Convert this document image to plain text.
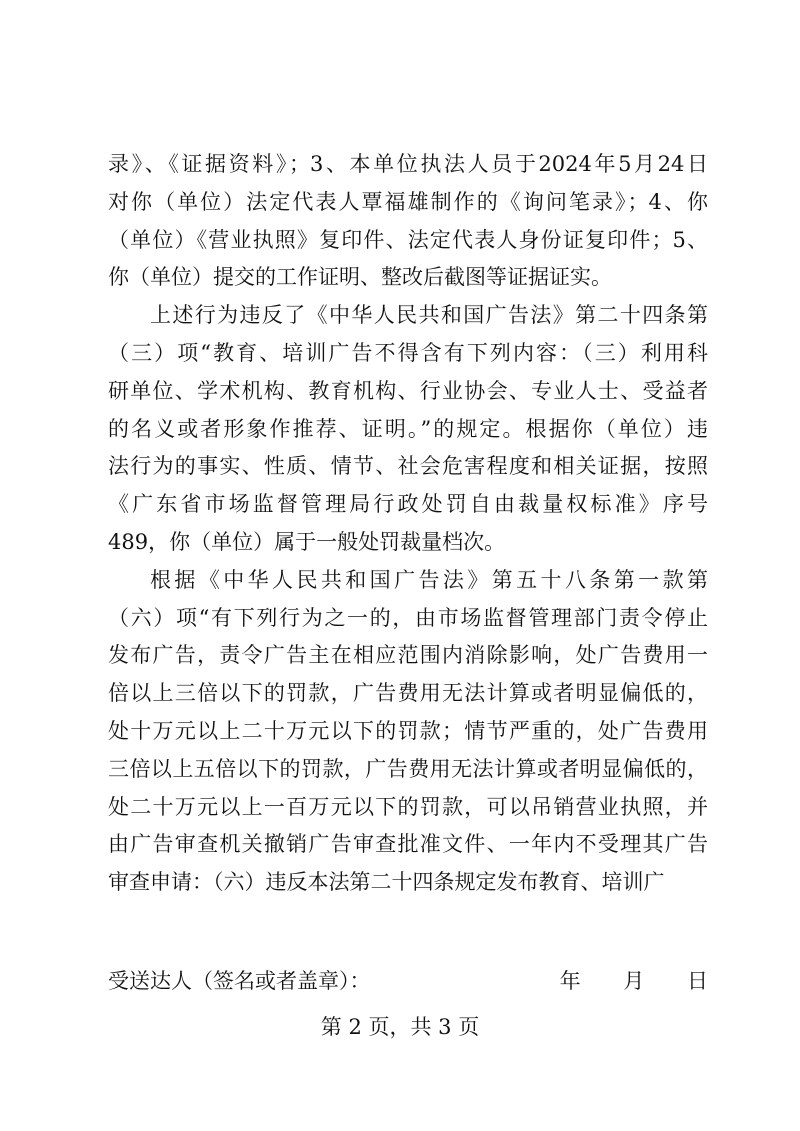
录》、《证据资料》；3、本单位执法人员于2024年5月24日
对你（单位）法定代表人覃福雄制作的《询问笔录》；4、你
（单位）《营业执照》复印件、法定代表人身份证复印件；5、
你（单位）提交的工作证明、整改后截图等证据证实。
上述行为违反了《中华人民共和国广告法》第二十四条第
（三）项“教育、培训广告不得含有下列内容：（三）利用科
研单位、学术机构、教育机构、行业协会、专业人士、受益者
的名义或者形象作推荐、证明。”的规定。根据你（单位）违
法行为的事实、性质、情节、社会危害程度和相关证据，按照
《广东省市场监督管理局行政处罚自由裁量权标准》序号
489，你（单位）属于一般处罚裁量档次。
根据《中华人民共和国广告法》第五十八条第一款第
（六）项“有下列行为之一的，由市场监督管理部门责令停止
发布广告，责令广告主在相应范围内消除影响，处广告费用一
倍以上三倍以下的罚款，广告费用无法计算或者明显偏低的，
处十万元以上二十万元以下的罚款；情节严重的，处广告费用
三倍以上五倍以下的罚款，广告费用无法计算或者明显偏低的，
处二十万元以上一百万元以下的罚款，可以吊销营业执照，并
由广告审查机关撤销广告审查批准文件、一年内不受理其广告
审查申请：（六）违反本法第二十四条规定发布教育、培训广
受送达人（签名或者盖章）：	年 月 日
第 2 页，共 3 页
